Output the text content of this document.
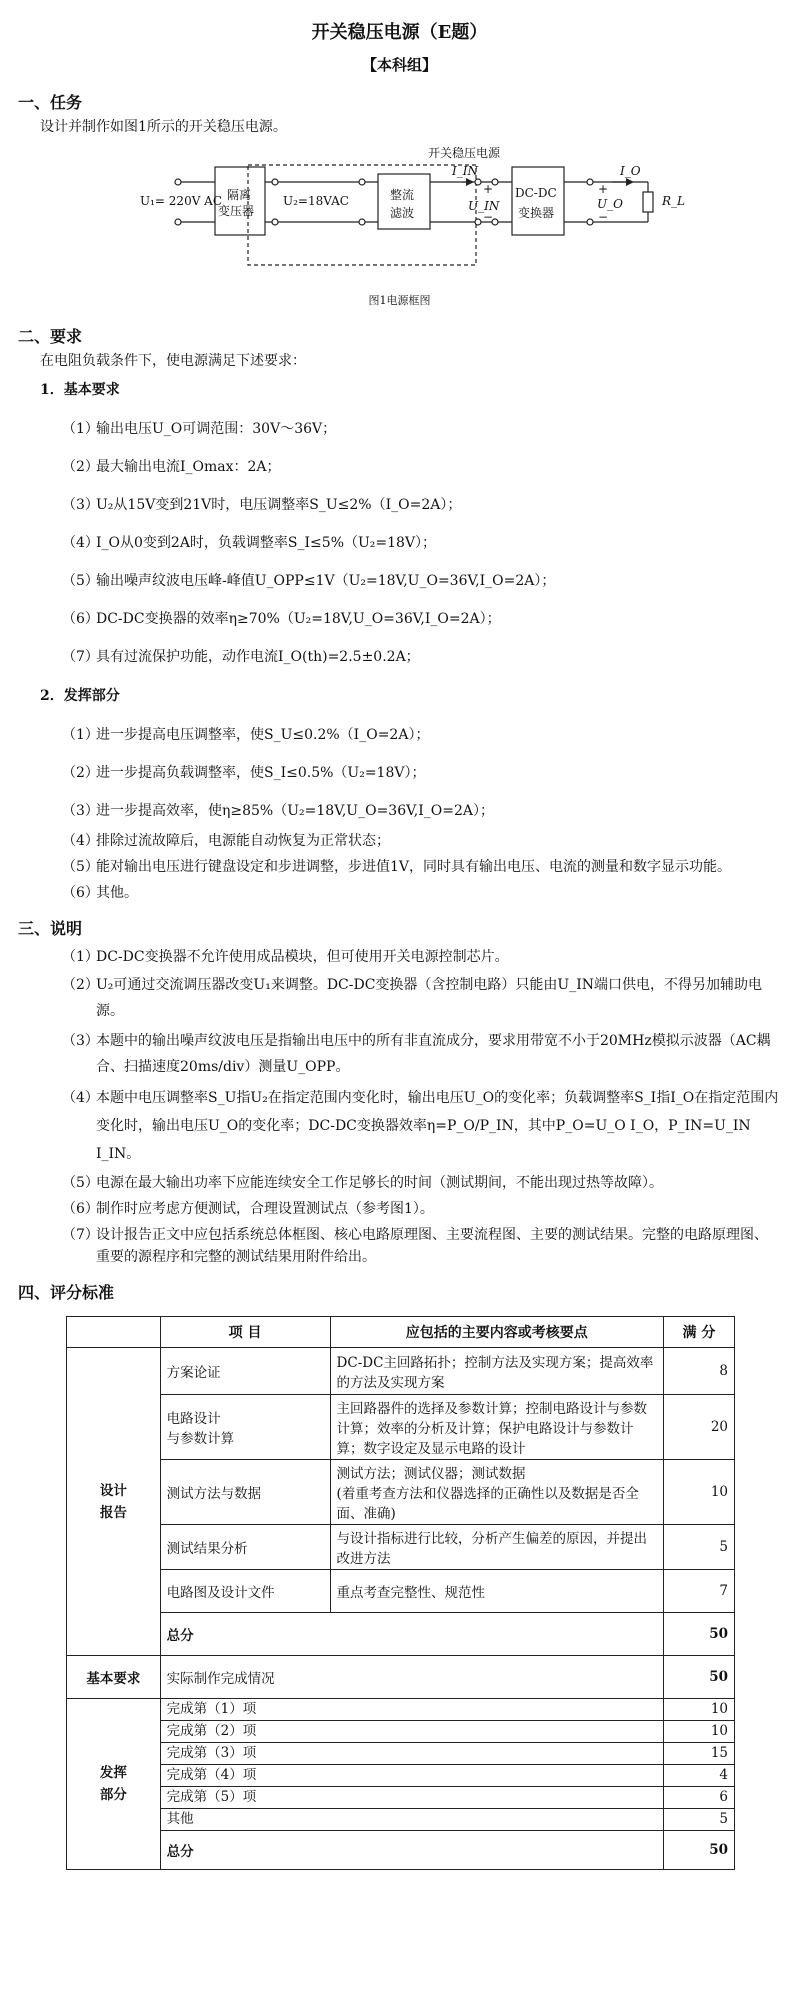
开关稳压电源（E题）
【本科组】
一、任务
设计并制作如图1所示的开关稳压电源。
开关稳压电源
U₁= 220V AC 隔离
变压器
U₂=18VAC	整流
滤波
I_IN
+
U_IN
−
DC-DC
变换器
I_O
+
U_O
−
R_L
图1电源框图
二、要求
在电阻负载条件下，使电源满足下述要求：
1．基本要求
（1）
输出电压U_O可调范围：30V～36V；
（2）
最大输出电流I_Omax：2A；
（3）
U₂从15V变到21V时，电压调整率S_U≤2%（I_O=2A）；
（4）
I_O从0变到2A时，负载调整率S_I≤5%（U₂=18V）；
（5）
输出噪声纹波电压峰-峰值U_OPP≤1V（U₂=18V,U_O=36V,I_O=2A）；
（6）
DC-DC变换器的效率η≥70%（U₂=18V,U_O=36V,I_O=2A）；
（7）
具有过流保护功能，动作电流I_O(th)=2.5±0.2A；
2．发挥部分
（1）
进一步提高电压调整率，使S_U≤0.2%（I_O=2A）；
（2）
进一步提高负载调整率，使S_I≤0.5%（U₂=18V）；
（3）
进一步提高效率，使η≥85%（U₂=18V,U_O=36V,I_O=2A）；
（4）
排除过流故障后，电源能自动恢复为正常状态；
（5）
能对输出电压进行键盘设定和步进调整，步进值1V，同时具有输出电压、电流的测量和数字显示功能。
（6）
其他。
三、说明
（1）
DC-DC变换器不允许使用成品模块，但可使用开关电源控制芯片。
（2）
U₂可通过交流调压器改变U₁来调整。DC-DC变换器（含控制电路）只能由U_IN端口供电，不得另加辅助电源。
（3）
本题中的输出噪声纹波电压是指输出电压中的所有非直流成分，要求用带宽不小于20MHz模拟示波器（AC耦合、扫描速度20ms/div）测量U_OPP。
（4）
本题中电压调整率S_U指U₂在指定范围内变化时，输出电压U_O的变化率；负载调整率S_I指I_O在指定范围内变化时，输出电压U_O的变化率；DC-DC变换器效率η=P_O/P_IN，其中P_O=U_O I_O，P_IN=U_IN I_IN。
（5）
电源在最大输出功率下应能连续安全工作足够长的时间（测试期间，不能出现过热等故障）。
（6）
制作时应考虑方便测试，合理设置测试点（参考图1）。
（7）
设计报告正文中应包括系统总体框图、核心电路原理图、主要流程图、主要的测试结果。完整的电路原理图、重要的源程序和完整的测试结果用附件给出。
四、评分标准
	项 目	应包括的主要内容或考核要点	满 分
设计
报告	方案论证	DC-DC主回路拓扑；控制方法及实现方案；提高效率的方法及实现方案	8
	电路设计
与参数计算	主回路器件的选择及参数计算；控制电路设计与参数计算；效率的分析及计算；保护电路设计与参数计算；数字设定及显示电路的设计	20
	测试方法与数据	测试方法；测试仪器；测试数据
(着重考查方法和仪器选择的正确性以及数据是否全面、准确)	10
	测试结果分析	与设计指标进行比较，分析产生偏差的原因，并提出改进方法	5
	电路图及设计文件	重点考查完整性、规范性	7
	总分		50
基本要求	实际制作完成情况		50
发挥
部分	完成第（1）项		10
	完成第（2）项		10
	完成第（3）项		15
	完成第（4）项		4
	完成第（5）项		6
	其他		5
	总分		50
